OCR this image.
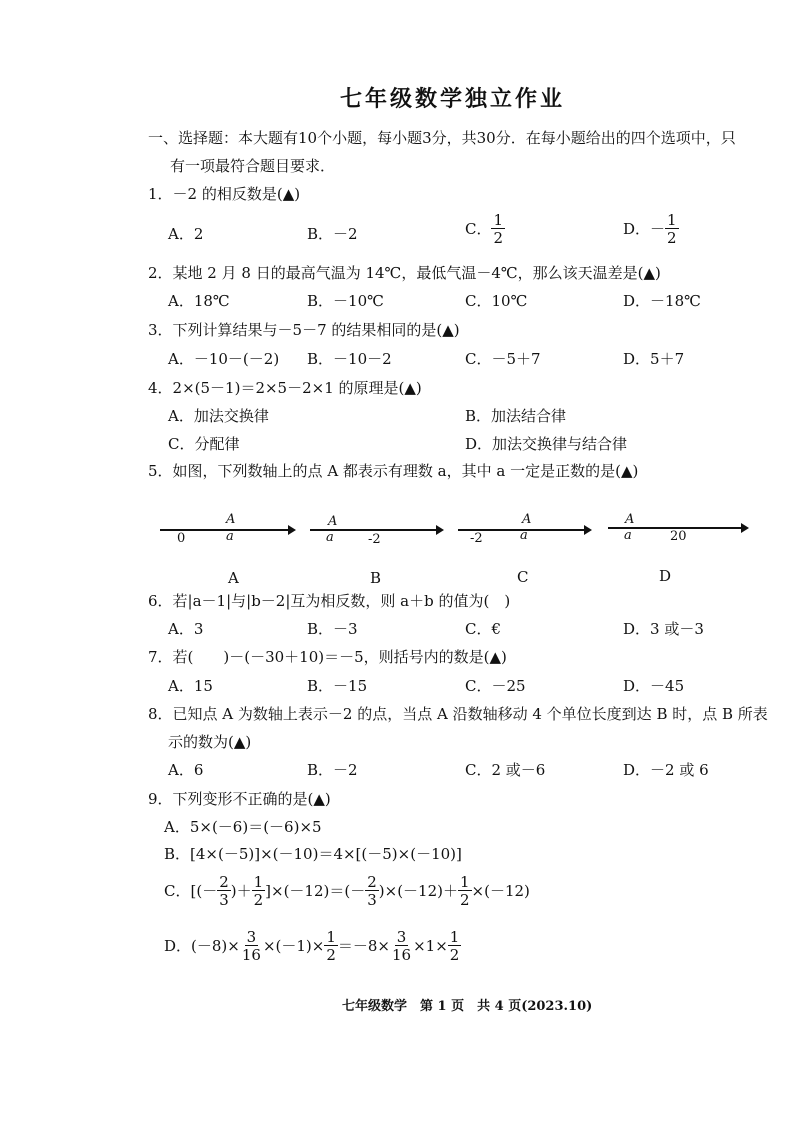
七年级数学独立作业
一、选择题：本大题有10个小题，每小题3分，共30分．在每小题给出的四个选项中，只
有一项最符合题目要求．
1．－2 的相反数是(▲)
A．2	B．－2	C． $\frac{1}{2}$	D．－ $\frac{1}{2}$
2．某地 2 月 8 日的最高气温为 14℃，最低气温－4℃，那么该天温差是(▲)
A．18℃	B．－10℃	C．10℃	D．－18℃
3．下列计算结果与－5－7 的结果相同的是(▲)
A．－10－(－2) B．－10－2	C．－5＋7	D．5＋7
4．2×(5－1)＝2×5－2×1 的原理是(▲)
A．加法交换律	B．加法结合律
C．分配律	D．加法交换律与结合律
5．如图，下列数轴上的点 A 都表示有理数 a，其中 a 一定是正数的是(▲)
A
a
0
A
A
a	-2
B
A
a
-2
C
A
a	20
D
6．若|a－1|与|b－2|互为相反数，则 a＋b 的值为(　)
A．3	B．－3	C．€	D．3 或－3
7．若(　　)－(－30＋10)＝－5，则括号内的数是(▲)
A．15	B．－15	C．－25	D．－45
8．已知点 A 为数轴上表示－2 的点，当点 A 沿数轴移动 4 个单位长度到达 B 时，点 B 所表
示的数为(▲)
A．6	B．－2	C．2 或－6	D．－2 或 6
9．下列变形不正确的是(▲)
A．5×(－6)＝(－6)×5
B．[4×(－5)]×(－10)＝4×[(－5)×(－10)]
C． [(－ $\frac{2}{3}$ )＋ $\frac{1}{2} ]\times(-12)=(- \frac{2}{3} )\times(-12)+ \frac{1}{2} \times(-12)$
D． $(-8)\times \frac{3}{16} \times(-1)\times \frac{1}{2} =-8\times \frac{3}{16} \times 1\times \frac{1}{2}$
七年级数学　第 1 页　共 4 页(2023.10)
